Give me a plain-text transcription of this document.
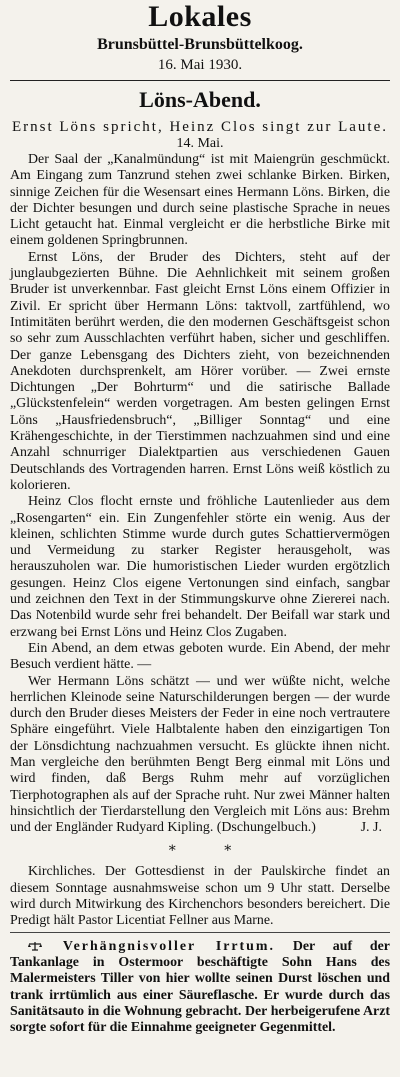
Lokales
Brunsbüttel-Brunsbüttelkoog.
16. Mai 1930.
Löns-Abend.
Ernst Löns spricht, Heinz Clos singt zur Laute.
14. Mai.

Der Saal der „Kanalmündung“ ist mit Maiengrün geschmückt. Am Eingang zum Tanzrund stehen zwei schlanke Birken. Birken, sinnige Zeichen für die Wesensart eines Hermann Löns. Birken, die der Dichter besungen und durch seine plastische Sprache in neues Licht getaucht hat. Einmal vergleicht er die herbstliche Birke mit einem goldenen Springbrunnen.

Ernst Löns, der Bruder des Dichters, steht auf der junglaubgezierten Bühne. Die Aehnlichkeit mit seinem großen Bruder ist unverkennbar. Fast gleicht Ernst Löns einem Offizier in Zivil. Er spricht über Hermann Löns: taktvoll, zartfühlend, wo Intimitäten berührt werden, die den modernen Geschäftsgeist schon so sehr zum Ausschlachten verführt haben, sicher und geschliffen. Der ganze Lebensgang des Dichters zieht, von bezeichnenden Anekdoten durchsprenkelt, am Hörer vorüber. — Zwei ernste Dichtungen „Der Bohrturm“ und die satirische Ballade „Glückstenfelein“ werden vorgetragen. Am besten gelingen Ernst Löns „Hausfriedensbruch“, „Billiger Sonntag“ und eine Krähengeschichte, in der Tierstimmen nachzuahmen sind und eine Anzahl schnurriger Dialektpartien aus verschiedenen Gauen Deutschlands des Vortragenden harren. Ernst Löns weiß köstlich zu kolorieren.

Heinz Clos flocht ernste und fröhliche Lautenlieder aus dem „Rosengarten“ ein. Ein Zungenfehler störte ein wenig. Aus der kleinen, schlichten Stimme wurde durch gutes Schattiervermögen und Vermeidung zu starker Register herausgeholt, was herauszuholen war. Die humoristischen Lieder wurden ergötzlich gesungen. Heinz Clos eigene Vertonungen sind einfach, sangbar und zeichnen den Text in der Stimmungskurve ohne Ziererei nach. Das Notenbild wurde sehr frei behandelt. Der Beifall war stark und erzwang bei Ernst Löns und Heinz Clos Zugaben.

Ein Abend, an dem etwas geboten wurde. Ein Abend, der mehr Besuch verdient hätte. —

Wer Hermann Löns schätzt — und wer wüßte nicht, welche herrlichen Kleinode seine Naturschilderungen bergen — der wurde durch den Bruder dieses Meisters der Feder in eine noch vertrautere Sphäre eingeführt. Viele Halbtalente haben den einzigartigen Ton der Lönsdichtung nachzuahmen versucht. Es glückte ihnen nicht. Man vergleiche den berühmten Bengt Berg einmal mit Löns und wird finden, daß Bergs Ruhm mehr auf vorzüglichen Tierphotographen als auf der Sprache ruht. Nur zwei Männer halten hinsichtlich der Tierdarstellung den Vergleich mit Löns aus: Brehm und der Engländer Rudyard Kipling. (Dschungelbuch.)	J. J.
*	*

Kirchliches. Der Gottesdienst in der Paulskirche findet an diesem Sonntage ausnahmsweise schon um 9 Uhr statt. Derselbe wird durch Mitwirkung des Kirchenchors besonders bereichert. Die Predigt hält Pastor Licentiat Fellner aus Marne.

Verhängnisvoller Irrtum. Der auf der Tankanlage in Ostermoor beschäftigte Sohn Hans des Malermeisters Tiller von hier wollte seinen Durst löschen und trank irrtümlich aus einer Säureflasche. Er wurde durch das Sanitätsauto in die Wohnung gebracht. Der herbeigerufene Arzt sorgte sofort für die Einnahme geeigneter Gegenmittel.
